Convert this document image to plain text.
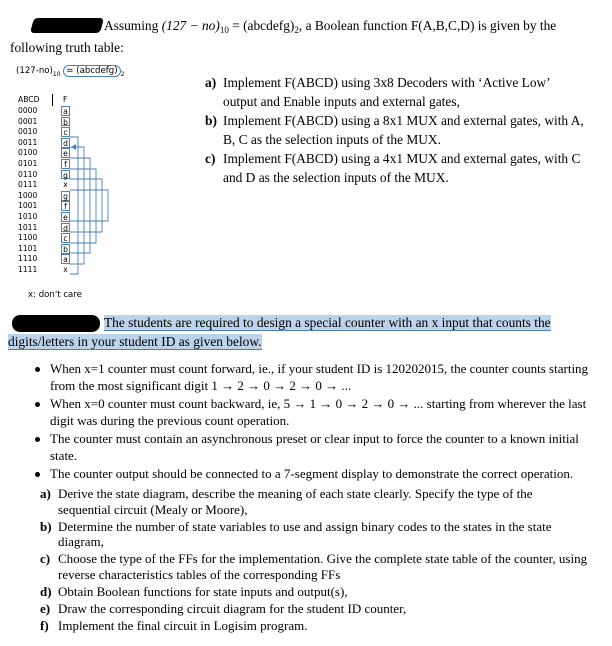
Assuming $(127 - no)_{10}$ = $(abcdefg)_2$, a Boolean function F(A,B,C,D) is given by the
following truth table:
$(127-no)_{10}$ = (abcdefg) $_2$
ABCD	F
0000
0001
0010
0011
0100
0101
0110
0111
1000
1001
1010
1011
1100
1101
1110
1111
a
b
c
d
e
f
g
x
g
f
e
d
c
b
a
x
x: don't care
a) Implement F(ABCD) using 3x8 Decoders with ‘Active Low’ output and Enable inputs and external gates,
b) Implement F(ABCD) using a 8x1 MUX and external gates, with A, B, C as the selection inputs of the MUX.
c) Implement F(ABCD) using a 4x1 MUX and external gates, with C and D as the selection inputs of the MUX.
The students are required to design a special counter with an x input that counts the
digits/letters in your student ID as given below.
When x=1 counter must count forward, ie., if your student ID is 120202015, the counter counts starting from the most significant digit 1 → 2 → 0 → 2 → 0 → ...
When x=0 counter must count backward, ie, 5 → 1 → 0 → 2 → 0 → ... starting from wherever the last digit was during the previous count operation.
The counter must contain an asynchronous preset or clear input to force the counter to a known initial state.
The counter output should be connected to a 7-segment display to demonstrate the correct operation.
a) Derive the state diagram, describe the meaning of each state clearly. Specify the type of the sequential circuit (Mealy or Moore),
b) Determine the number of state variables to use and assign binary codes to the states in the state diagram,
c) Choose the type of the FFs for the implementation. Give the complete state table of the counter, using reverse characteristics tables of the corresponding FFs
d) Obtain Boolean functions for state inputs and output(s),
e) Draw the corresponding circuit diagram for the student ID counter,
f) Implement the final circuit in Logisim program.
